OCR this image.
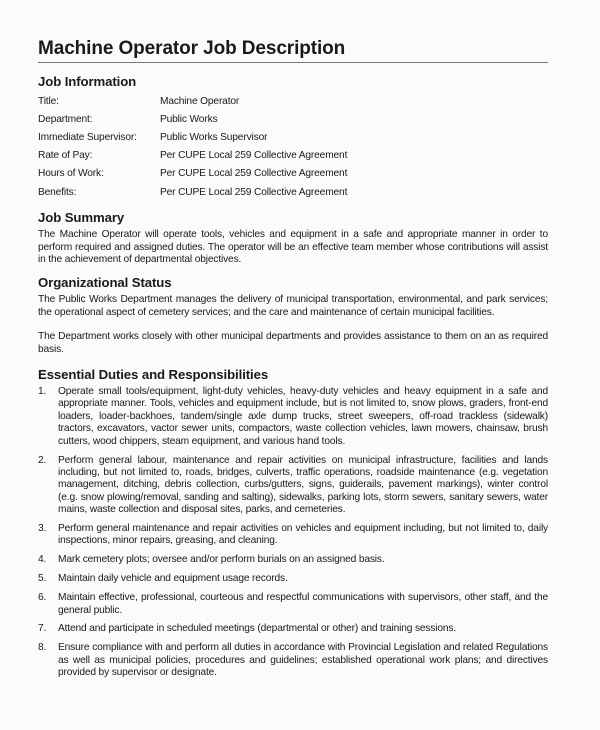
Machine Operator Job Description
Job Information
Title:	Machine Operator
Department:	Public Works
Immediate Supervisor:	Public Works Supervisor
Rate of Pay:	Per CUPE Local 259 Collective Agreement
Hours of Work:	Per CUPE Local 259 Collective Agreement
Benefits:	Per CUPE Local 259 Collective Agreement
Job Summary

The Machine Operator will operate tools, vehicles and equipment in a safe and appropriate manner in order to perform required and assigned duties. The operator will be an effective team member whose contributions will assist in the achievement of departmental objectives.

Organizational Status

The Public Works Department manages the delivery of municipal transportation, environmental, and park services; the operational aspect of cemetery services; and the care and maintenance of certain municipal facilities.

The Department works closely with other municipal departments and provides assistance to them on an as required basis.

Essential Duties and Responsibilities
1.	Operate small tools/equipment, light-duty vehicles, heavy-duty vehicles and heavy equipment in a safe and appropriate manner. Tools, vehicles and equipment include, but is not limited to, snow plows, graders, front-end loaders, loader-backhoes, tandem/single axle dump trucks, street sweepers, off-road trackless (sidewalk) tractors, excavators, vactor sewer units, compactors, waste collection vehicles, lawn mowers, chainsaw, brush cutters, wood chippers, steam equipment, and various hand tools.
2.	Perform general labour, maintenance and repair activities on municipal infrastructure, facilities and lands including, but not limited to, roads, bridges, culverts, traffic operations, roadside maintenance (e.g. vegetation management, ditching, debris collection, curbs/gutters, signs, guiderails, pavement markings), winter control (e.g. snow plowing/removal, sanding and salting), sidewalks, parking lots, storm sewers, sanitary sewers, water mains, waste collection and disposal sites, parks, and cemeteries.
3.	Perform general maintenance and repair activities on vehicles and equipment including, but not limited to, daily inspections, minor repairs, greasing, and cleaning.
4.	Mark cemetery plots; oversee and/or perform burials on an assigned basis.
5.	Maintain daily vehicle and equipment usage records.
6.	Maintain effective, professional, courteous and respectful communications with supervisors, other staff, and the general public.
7.	Attend and participate in scheduled meetings (departmental or other) and training sessions.
8.	Ensure compliance with and perform all duties in accordance with Provincial Legislation and related Regulations as well as municipal policies, procedures and guidelines; established operational work plans; and directives provided by supervisor or designate.
